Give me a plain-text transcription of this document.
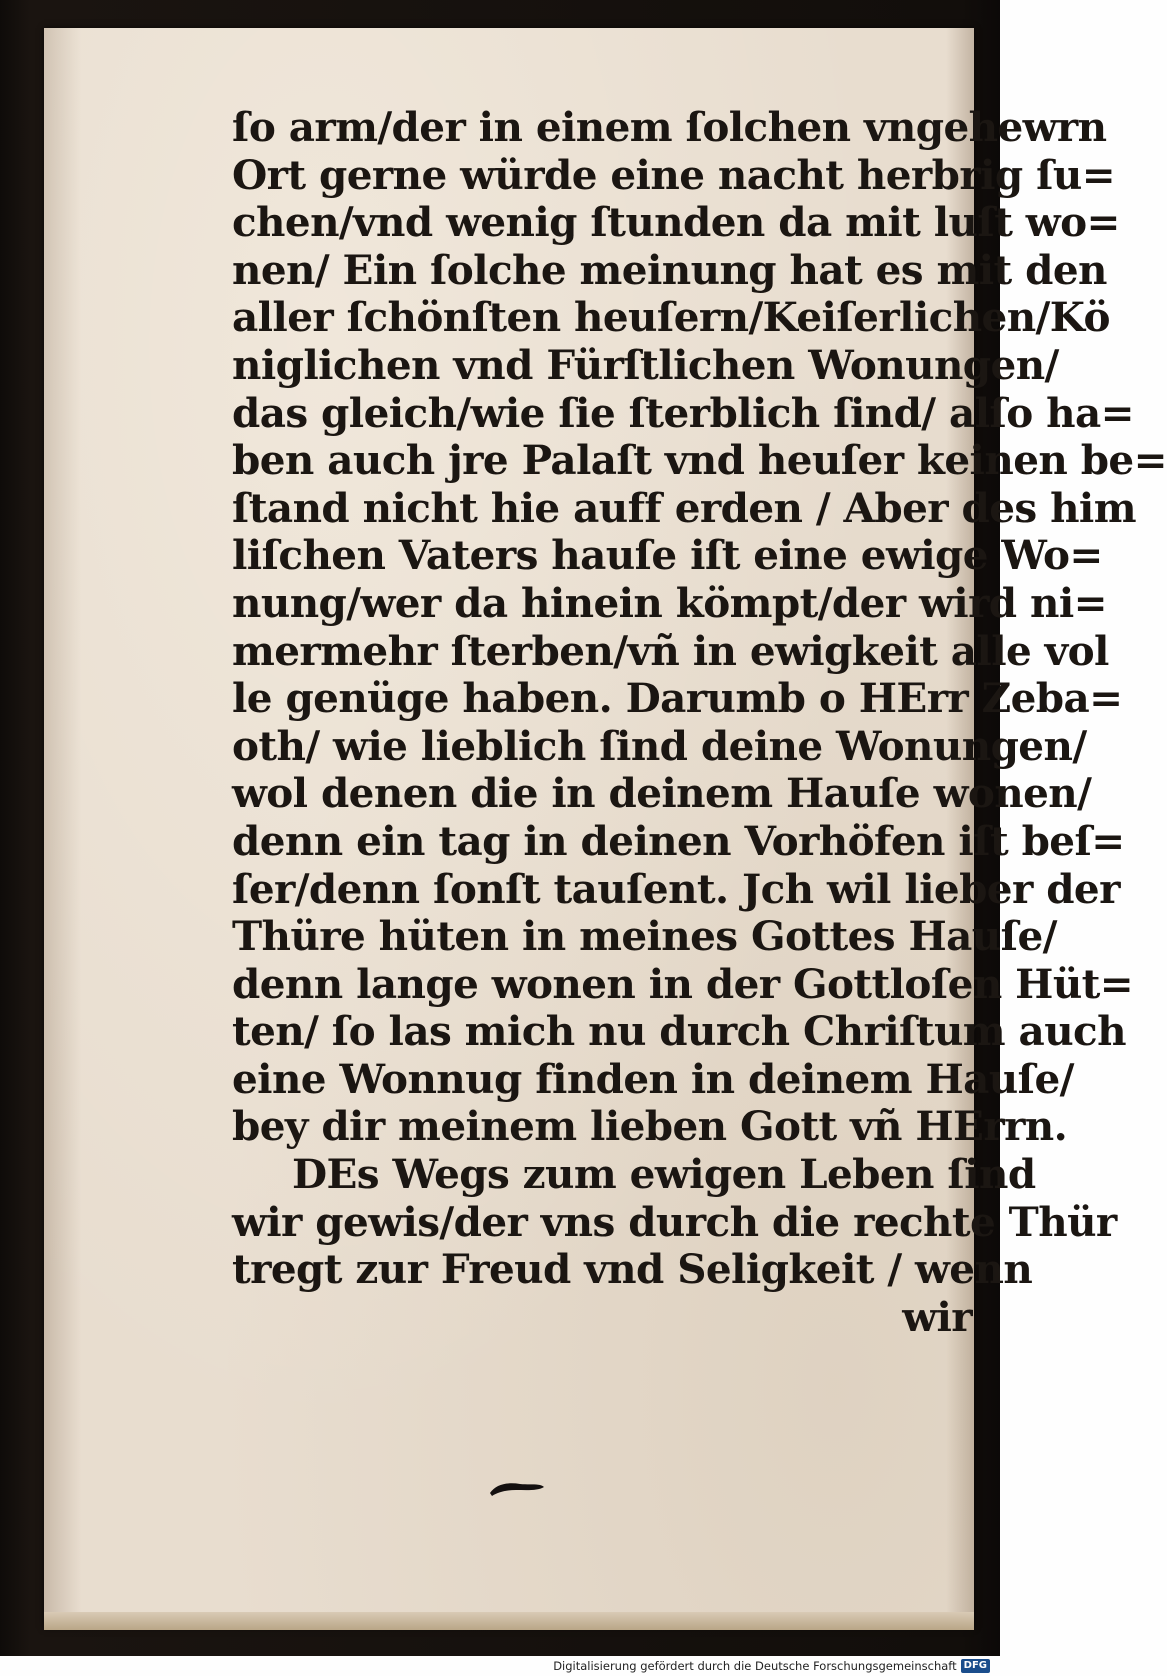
ſo arm/der in einem ſolchen vngehewrn
Ort gerne würde eine nacht herbrig ſu=
chen/vnd wenig ſtunden da mit luſt wo=
nen/ Ein ſolche meinung hat es mit den
aller ſchönſten heuſern/Keiſerlichen/Kö
niglichen vnd Fürſtlichen Wonungen/
das gleich/wie ſie ſterblich ſind/ alſo ha=
ben auch jre Palaſt vnd heuſer keinen be=
ſtand nicht hie auff erden / Aber des him
liſchen Vaters hauſe iſt eine ewige Wo=
nung/wer da hinein kömpt/der wird ni=
mermehr ſterben/vñ in ewigkeit alle vol
le genüge haben. Darumb o HErr Zeba=
oth/ wie lieblich ſind deine Wonungen/
wol denen die in deinem Hauſe wonen/
denn ein tag in deinen Vorhöfen iſt beſ=
ſer/denn ſonſt tauſent. Jch wil lieber der
Thüre hüten in meines Gottes Hauſe/
denn lange wonen in der Gottloſen Hüt=
ten/ ſo las mich nu durch Chriſtum auch
eine Wonnug finden in deinem Hauſe/
bey dir meinem lieben Gott vñ HErrn.
DEs Wegs zum ewigen Leben ſind
wir gewis/der vns durch die rechte Thür
tregt zur Freud vnd Seligkeit / wenn
wir
Digitalisierung gefördert durch die Deutsche Forschungsgemeinschaft DFG
